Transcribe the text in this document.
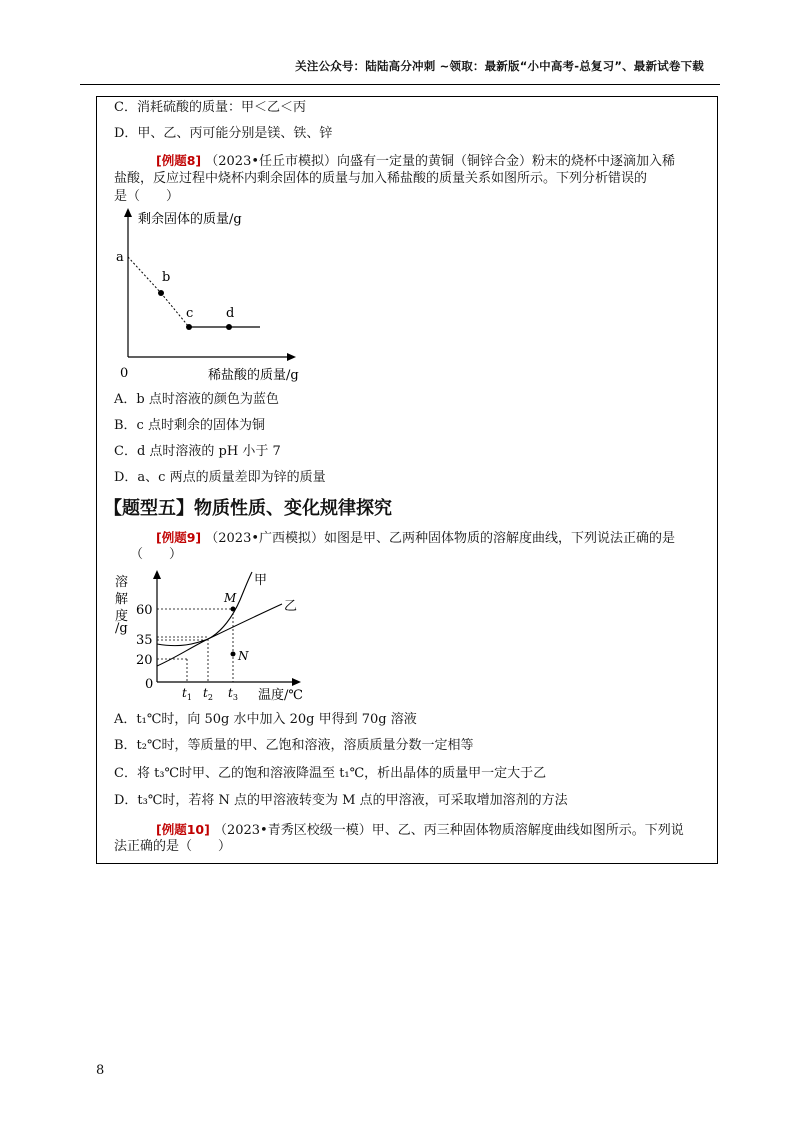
关注公众号：陆陆高分冲刺 ~领取：最新版“小中高考-总复习”、最新试卷下载
C．消耗硫酸的质量：甲＜乙＜丙
D．甲、乙、丙可能分别是镁、铁、锌
[例题8] （2023•任丘市模拟）向盛有一定量的黄铜（铜锌合金）粉末的烧杯中逐滴加入稀
盐酸，反应过程中烧杯内剩余固体的质量与加入稀盐酸的质量关系如图所示。下列分析错误的
是（　　）
剩余固体的质量/g
稀盐酸的质量/g
0
a
b
c	d
A．b 点时溶液的颜色为蓝色
B．c 点时剩余的固体为铜
C．d 点时溶液的 pH 小于 7
D．a、c 两点的质量差即为锌的质量
【题型五】物质性质、变化规律探究
[例题9] （2023•广西模拟）如图是甲、乙两种固体物质的溶解度曲线，下列说法正确的是
（　　）
溶
解
度
/g
60
35
20
0
M
N
甲
乙
$t_1$ $t_2$ $t_3$ 温度/℃
A．t₁℃时，向 50g 水中加入 20g 甲得到 70g 溶液
B．t₂℃时，等质量的甲、乙饱和溶液，溶质质量分数一定相等
C．将 t₃℃时甲、乙的饱和溶液降温至 t₁℃，析出晶体的质量甲一定大于乙
D．t₃℃时，若将 N 点的甲溶液转变为 M 点的甲溶液，可采取增加溶剂的方法
[例题10] （2023•青秀区校级一模）甲、乙、丙三种固体物质溶解度曲线如图所示。下列说
法正确的是（　　）
8
